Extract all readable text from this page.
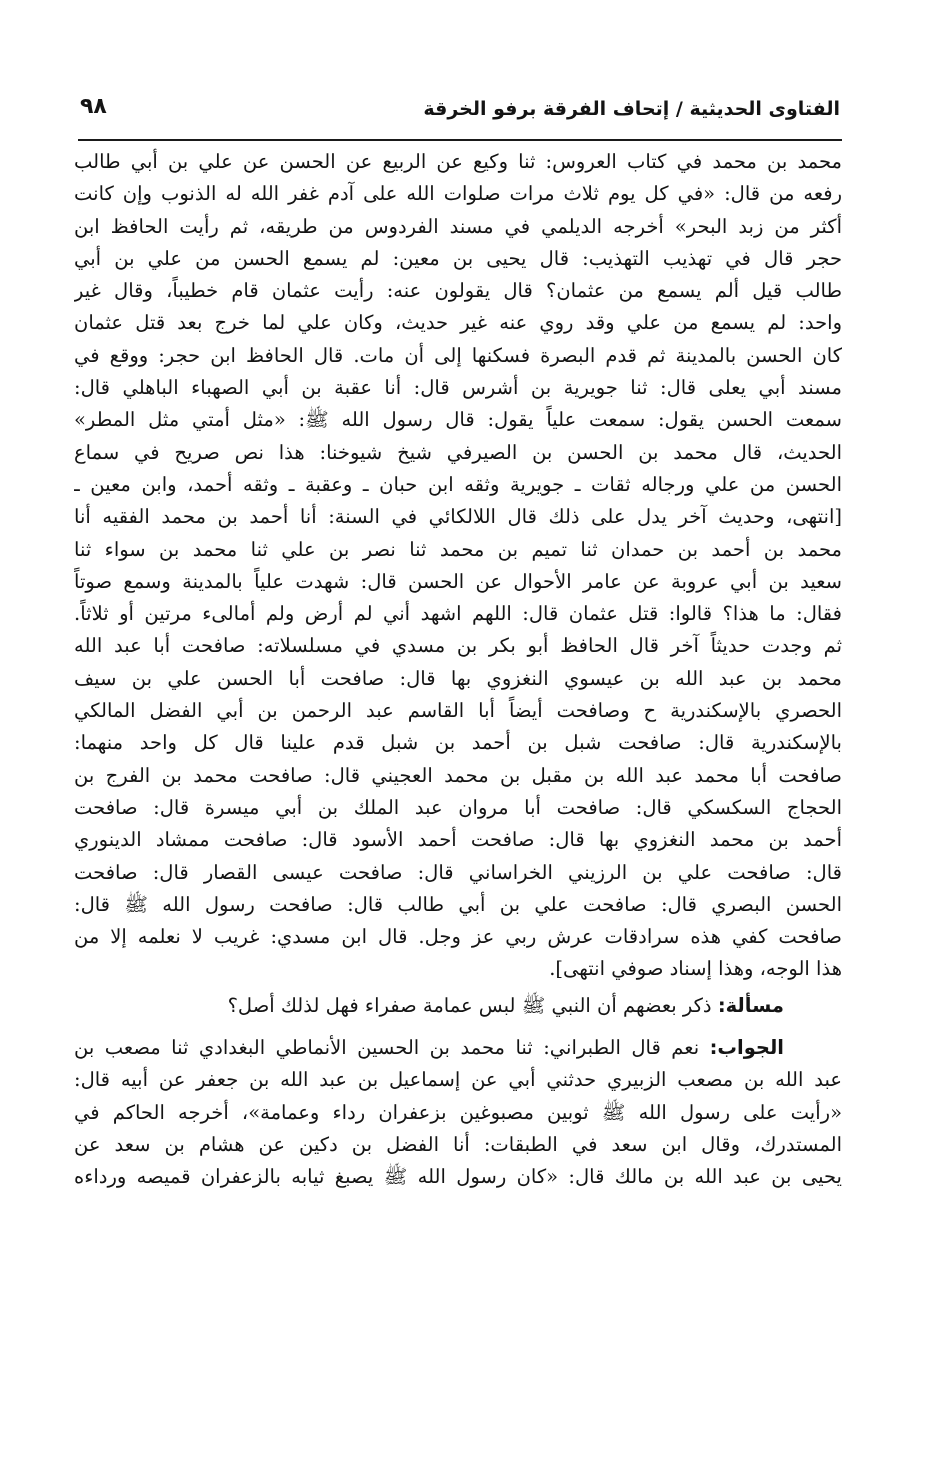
الفتاوى الحديثية / إتحاف الفرقة برفو الخرقة
٩٨
محمد بن محمد في كتاب العروس: ثنا وكيع عن الربيع عن الحسن عن علي بن أبي طالب
رفعه من قال: «في كل يوم ثلاث مرات صلوات الله على آدم غفر الله له الذنوب وإن كانت
أكثر من زبد البحر» أخرجه الديلمي في مسند الفردوس من طريقه، ثم رأيت الحافظ ابن
حجر قال في تهذيب التهذيب: قال يحيى بن معين: لم يسمع الحسن من علي بن أبي
طالب قيل ألم يسمع من عثمان؟ قال يقولون عنه: رأيت عثمان قام خطيباً، وقال غير
واحد: لم يسمع من علي وقد روي عنه غير حديث، وكان علي لما خرج بعد قتل عثمان
كان الحسن بالمدينة ثم قدم البصرة فسكنها إلى أن مات. قال الحافظ ابن حجر: ووقع في
مسند أبي يعلى قال: ثنا جويرية بن أشرس قال: أنا عقبة بن أبي الصهباء الباهلي قال:
سمعت الحسن يقول: سمعت علياً يقول: قال رسول الله ﷺ: «مثل أمتي مثل المطر»
الحديث، قال محمد بن الحسن بن الصيرفي شيخ شيوخنا: هذا نص صريح في سماع
الحسن من علي ورجاله ثقات ـ جويرية وثقه ابن حبان ـ وعقبة ـ وثقه أحمد، وابن معين ـ
[انتهى، وحديث آخر يدل على ذلك قال اللالكائي في السنة: أنا أحمد بن محمد الفقيه أنا
محمد بن أحمد بن حمدان ثنا تميم بن محمد ثنا نصر بن علي ثنا محمد بن سواء ثنا
سعيد بن أبي عروبة عن عامر الأحوال عن الحسن قال: شهدت علياً بالمدينة وسمع صوتاً
فقال: ما هذا؟ قالوا: قتل عثمان قال: اللهم اشهد أني لم أرض ولم أمالىء مرتين أو ثلاثاً.
ثم وجدت حديثاً آخر قال الحافظ أبو بكر بن مسدي في مسلسلاته: صافحت أبا عبد الله
محمد بن عبد الله بن عيسوي النغزوي بها قال: صافحت أبا الحسن علي بن سيف
الحصري بالإسكندرية ح وصافحت أيضاً أبا القاسم عبد الرحمن بن أبي الفضل المالكي
بالإسكندرية قال: صافحت شبل بن أحمد بن شبل قدم علينا قال كل واحد منهما:
صافحت أبا محمد عبد الله بن مقبل بن محمد العجيني قال: صافحت محمد بن الفرج بن
الحجاج السكسكي قال: صافحت أبا مروان عبد الملك بن أبي ميسرة قال: صافحت
أحمد بن محمد النغزوي بها قال: صافحت أحمد الأسود قال: صافحت ممشاد الدينوري
قال: صافحت علي بن الرزيني الخراساني قال: صافحت عيسى القصار قال: صافحت
الحسن البصري قال: صافحت علي بن أبي طالب قال: صافحت رسول الله ﷺ قال:
صافحت كفي هذه سرادقات عرش ربي عز وجل. قال ابن مسدي: غريب لا نعلمه إلا من
هذا الوجه، وهذا إسناد صوفي انتهى].
مسألة: ذكر بعضهم أن النبي ﷺ لبس عمامة صفراء فهل لذلك أصل؟
الجواب: نعم قال الطبراني: ثنا محمد بن الحسين الأنماطي البغدادي ثنا مصعب بن
عبد الله بن مصعب الزبيري حدثني أبي عن إسماعيل بن عبد الله بن جعفر عن أبيه قال:
«رأيت على رسول الله ﷺ ثوبين مصبوغين بزعفران رداء وعمامة»، أخرجه الحاكم في
المستدرك، وقال ابن سعد في الطبقات: أنا الفضل بن دكين عن هشام بن سعد عن
يحيى بن عبد الله بن مالك قال: «كان رسول الله ﷺ يصبغ ثيابه بالزعفران قميصه ورداءه
